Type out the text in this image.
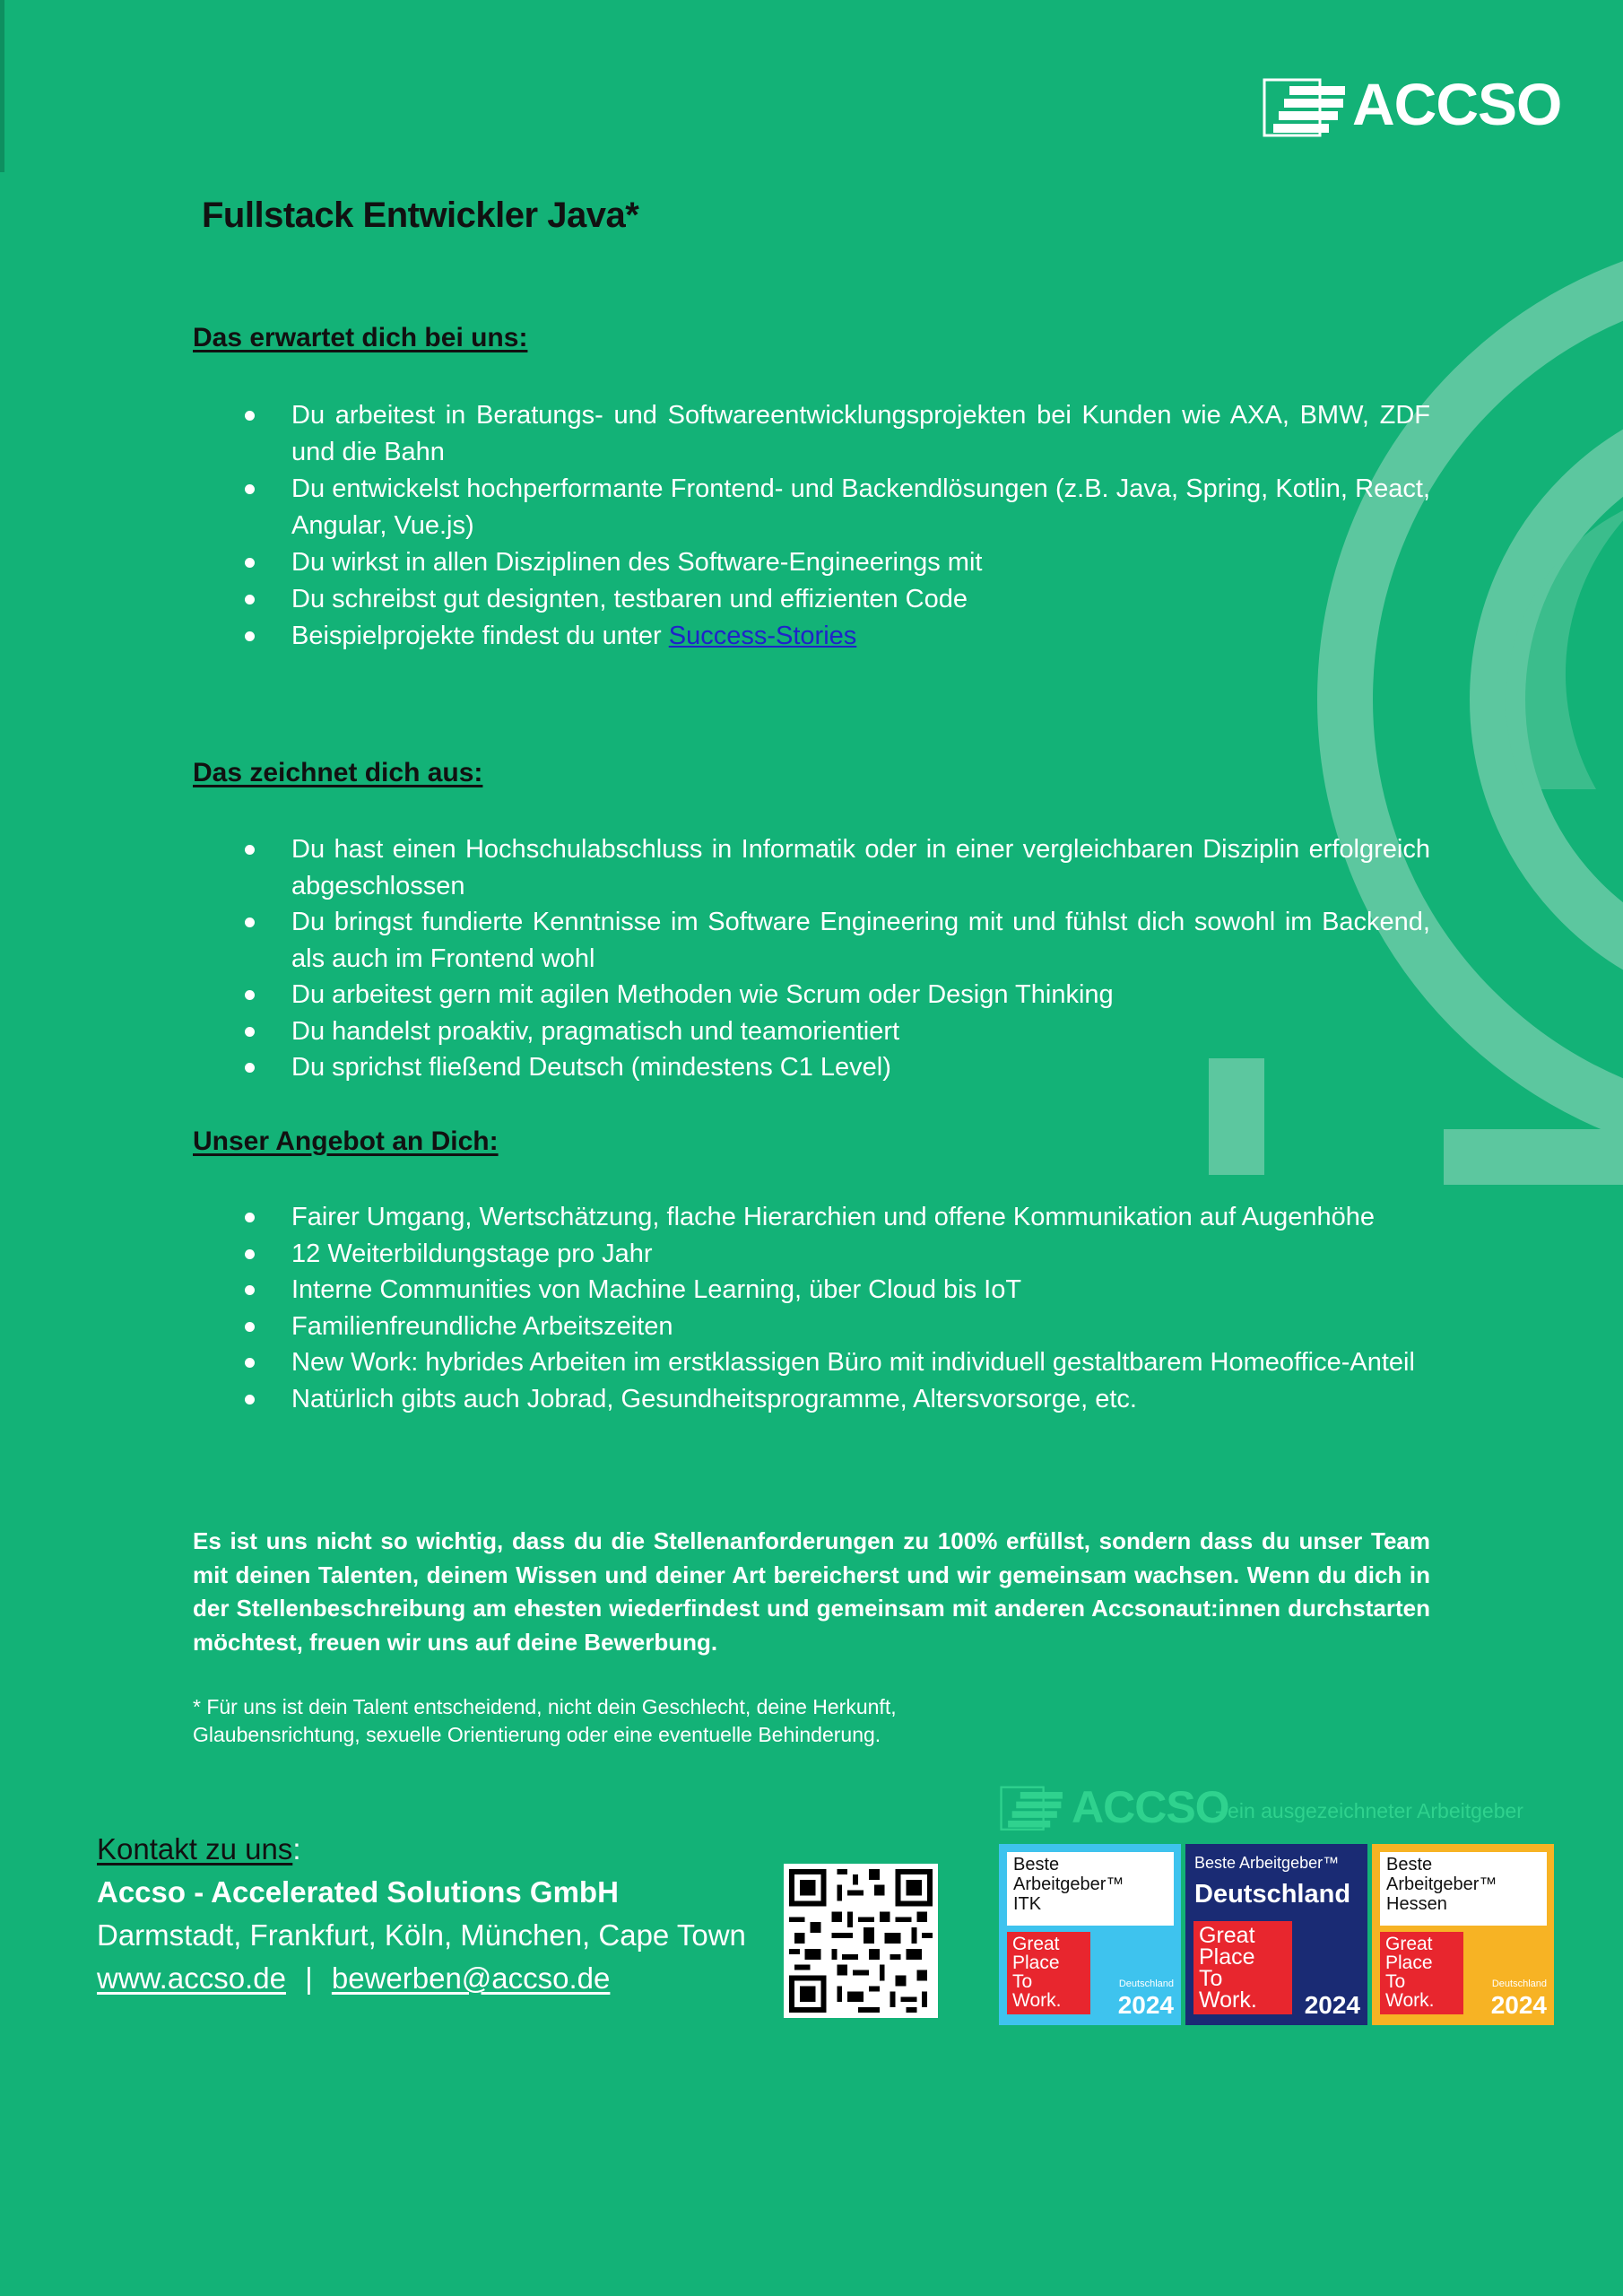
ACCSO
Fullstack Entwickler Java*
Das erwartet dich bei uns:
Du arbeitest in Beratungs- und Softwareentwicklungsprojekten bei Kunden wie AXA, BMW, ZDF und die Bahn
Du entwickelst hochperformante Frontend- und Backendlösungen (z.B. Java, Spring, Kotlin, React, Angular, Vue.js)
Du wirkst in allen Disziplinen des Software-Engineerings mit
Du schreibst gut designten, testbaren und effizienten Code
Beispielprojekte findest du unter Success-Stories
Das zeichnet dich aus:
Du hast einen Hochschulabschluss in Informatik oder in einer vergleichbaren Disziplin erfolgreich abgeschlossen
Du bringst fundierte Kenntnisse im Software Engineering mit und fühlst dich sowohl im Backend, als auch im Frontend wohl
Du arbeitest gern mit agilen Methoden wie Scrum oder Design Thinking
Du handelst proaktiv, pragmatisch und teamorientiert
Du sprichst fließend Deutsch (mindestens C1 Level)
Unser Angebot an Dich:
Fairer Umgang, Wertschätzung, flache Hierarchien und offene Kommunikation auf Augenhöhe
12 Weiterbildungstage pro Jahr
Interne Communities von Machine Learning, über Cloud bis IoT
Familienfreundliche Arbeitszeiten
New Work: hybrides Arbeiten im erstklassigen Büro mit individuell gestaltbarem Homeoffice-Anteil
Natürlich gibts auch Jobrad, Gesundheitsprogramme, Altersvorsorge, etc.

Es ist uns nicht so wichtig, dass du die Stellenanforderungen zu 100% erfüllst, sondern dass du unser Team mit deinen Talenten, deinem Wissen und deiner Art bereicherst und wir gemeinsam wachsen. Wenn du dich in der Stellenbeschreibung am ehesten wiederfindest und gemeinsam mit anderen Accsonaut:innen durchstarten möchtest, freuen wir uns auf deine Bewerbung.

* Für uns ist dein Talent entscheidend, nicht dein Geschlecht, deine Herkunft,
Glaubensrichtung, sexuelle Orientierung oder eine eventuelle Behinderung.

Kontakt zu uns:
Accso - Accelerated Solutions GmbH
Darmstadt, Frankfurt, Köln, München, Cape Town
www.accso.de | bewerben@accso.de
ACCSO
- ein ausgezeichneter Arbeitgeber
Beste
Arbeitgeber™
ITK
Great
Place
To
Work.
Deutschland
2024
Beste Arbeitgeber™
Deutschland
Great
Place
To
Work. 2024
Beste
Arbeitgeber™
Hessen
Great
Place
To
Work.
Deutschland
2024
